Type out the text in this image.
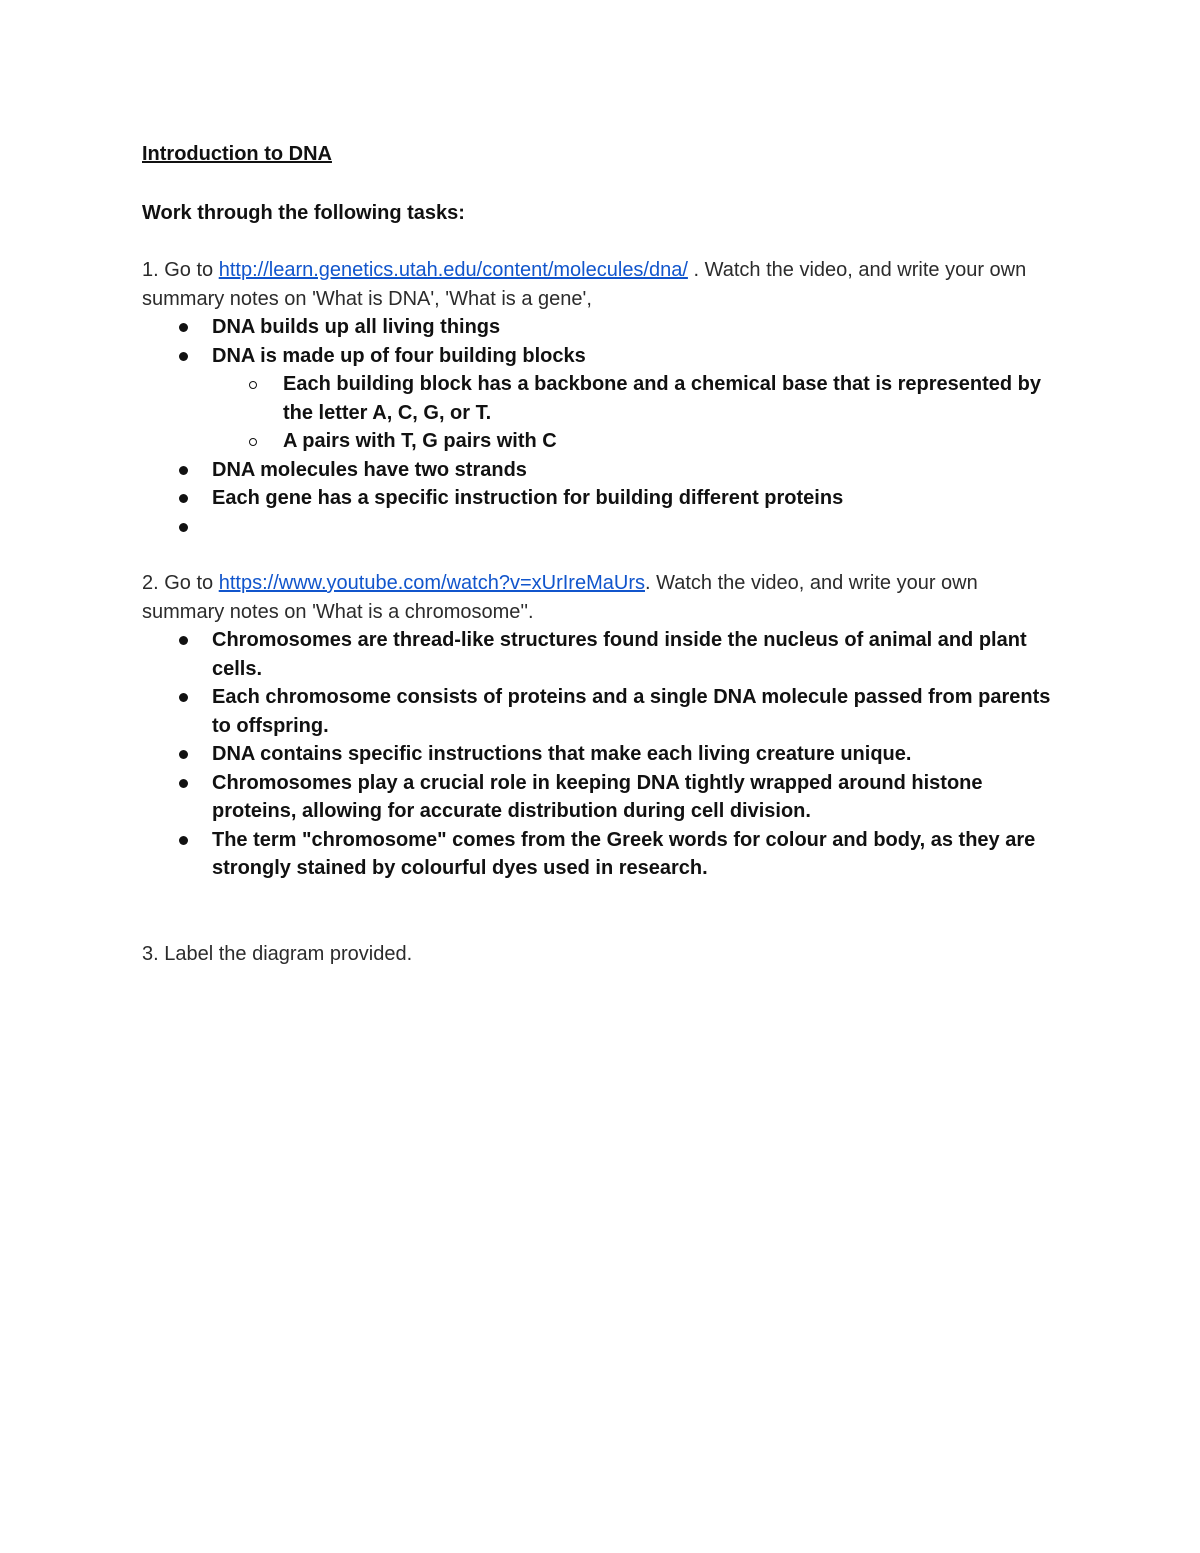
Introduction to DNA
Work through the following tasks:

1. Go to http://learn.genetics.utah.edu/content/molecules/dna/ . Watch the video, and write your own summary notes on 'What is DNA', 'What is a gene',

DNA builds up all living things
DNA is made up of four building blocks
Each building block has a backbone and a chemical base that is represented by the letter A, C, G, or T.
A pairs with T, G pairs with C
DNA molecules have two strands
Each gene has a specific instruction for building different proteins

2. Go to https://www.youtube.com/watch?v=xUrIreMaUrs. Watch the video, and write your own summary notes on 'What is a chromosome''.

Chromosomes are thread-like structures found inside the nucleus of animal and plant cells.
Each chromosome consists of proteins and a single DNA molecule passed from parents to offspring.
DNA contains specific instructions that make each living creature unique.
Chromosomes play a crucial role in keeping DNA tightly wrapped around histone proteins, allowing for accurate distribution during cell division.
The term "chromosome" comes from the Greek words for colour and body, as they are strongly stained by colourful dyes used in research.

3. Label the diagram provided.
